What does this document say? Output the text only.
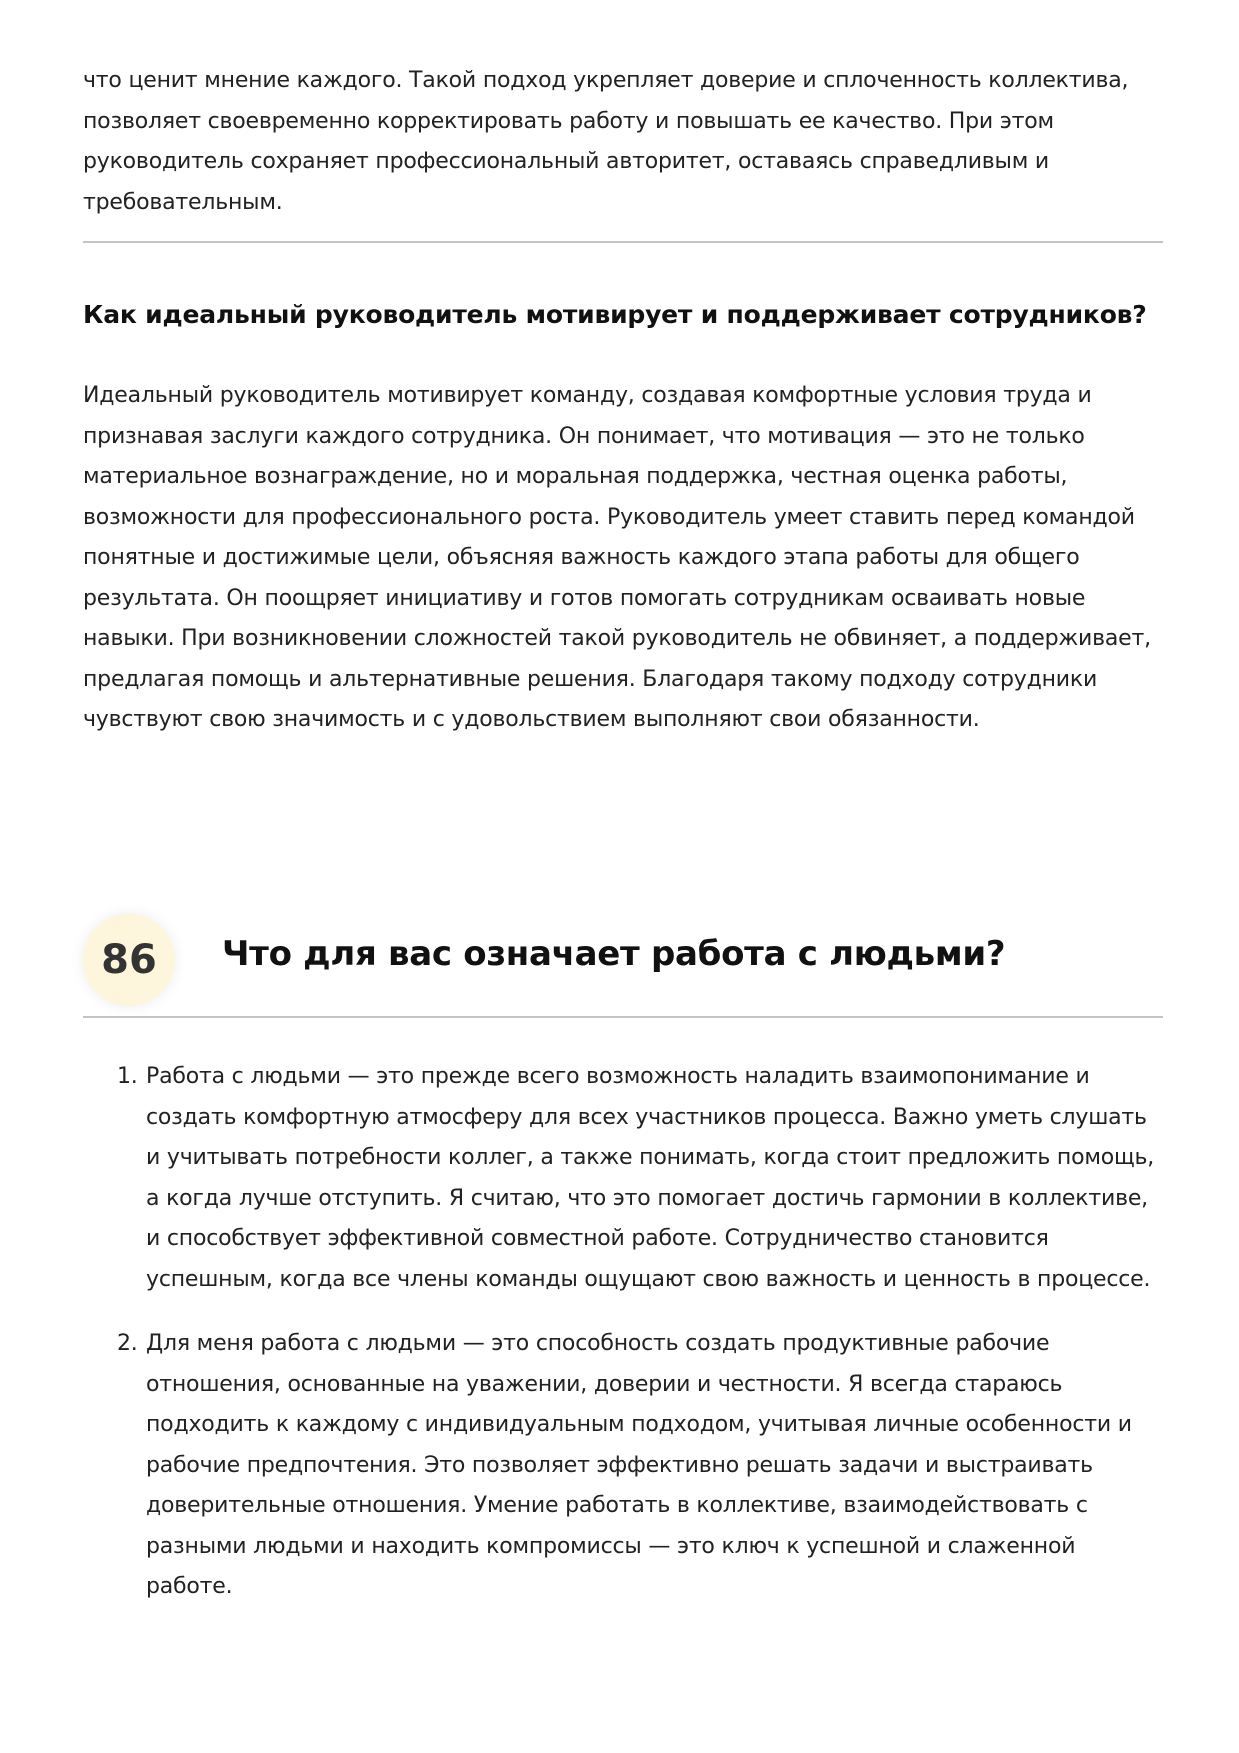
что ценит мнение каждого. Такой подход укрепляет доверие и сплоченность коллектива, позволяет своевременно корректировать работу и повышать ее качество. При этом руководитель сохраняет профессиональный авторитет, оставаясь справедливым и требовательным.

Как идеальный руководитель мотивирует и поддерживает сотрудников?

Идеальный руководитель мотивирует команду, создавая комфортные условия труда и признавая заслуги каждого сотрудника. Он понимает, что мотивация — это не только материальное вознаграждение, но и моральная поддержка, честная оценка работы, возможности для профессионального роста. Руководитель умеет ставить перед командой понятные и достижимые цели, объясняя важность каждого этапа работы для общего результата. Он поощряет инициативу и готов помогать сотрудникам осваивать новые навыки. При возникновении сложностей такой руководитель не обвиняет, а поддерживает, предлагая помощь и альтернативные решения. Благодаря такому подходу сотрудники чувствуют свою значимость и с удовольствием выполняют свои обязанности.

86	Что для вас означает работа с людьми?
1. Работа с людьми — это прежде всего возможность наладить взаимопонимание и создать комфортную атмосферу для всех участников процесса. Важно уметь слушать и учитывать потребности коллег, а также понимать, когда стоит предложить помощь, а когда лучше отступить. Я считаю, что это помогает достичь гармонии в коллективе, и способствует эффективной совместной работе. Сотрудничество становится успешным, когда все члены команды ощущают свою важность и ценность в процессе.
2. Для меня работа с людьми — это способность создать продуктивные рабочие отношения, основанные на уважении, доверии и честности. Я всегда стараюсь подходить к каждому с индивидуальным подходом, учитывая личные особенности и рабочие предпочтения. Это позволяет эффективно решать задачи и выстраивать доверительные отношения. Умение работать в коллективе, взаимодействовать с разными людьми и находить компромиссы — это ключ к успешной и слаженной работе.
